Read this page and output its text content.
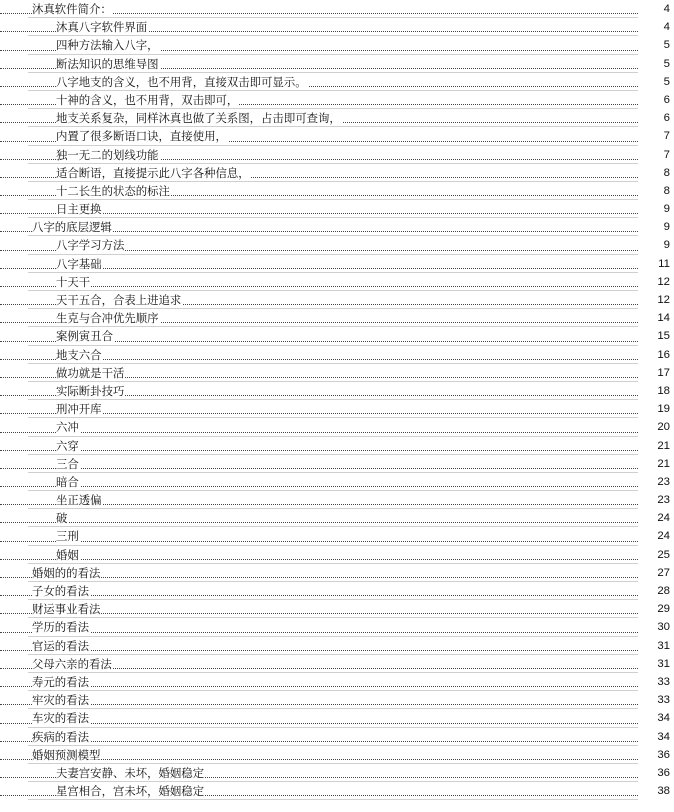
沐真软件简介：	4
沐真八字软件界面	4
四种方法输入八字，	5
断法知识的思维导图	5
八字地支的含义，也不用背，直接双击即可显示。	5
十神的含义，也不用背，双击即可，	6
地支关系复杂，同样沐真也做了关系图，占击即可查询，	6
内置了很多断语口诀，直接使用，	7
独一无二的划线功能	7
适合断语，直接提示此八字各种信息，	8
十二长生的状态的标注	8
日主更换	9
八字的底层逻辑	9
八字学习方法	9
八字基础	11
十天干	12
天干五合，合表上进追求	12
生克与合冲优先顺序	14
案例寅丑合	15
地支六合	16
做功就是干活	17
实际断卦技巧	18
刑冲开库	19
六冲	20
六穿	21
三合	21
暗合	23
坐正透偏	23
破	24
三刑	24
婚姻	25
婚姻的的看法	27
子女的看法	28
财运事业看法	29
学历的看法	30
官运的看法	31
父母六亲的看法	31
寿元的看法	33
牢灾的看法	33
车灾的看法	34
疾病的看法	34
婚姻预测模型	36
夫妻宫安静、未坏，婚姻稳定	36
星宫相合，宫未坏，婚姻稳定	38
